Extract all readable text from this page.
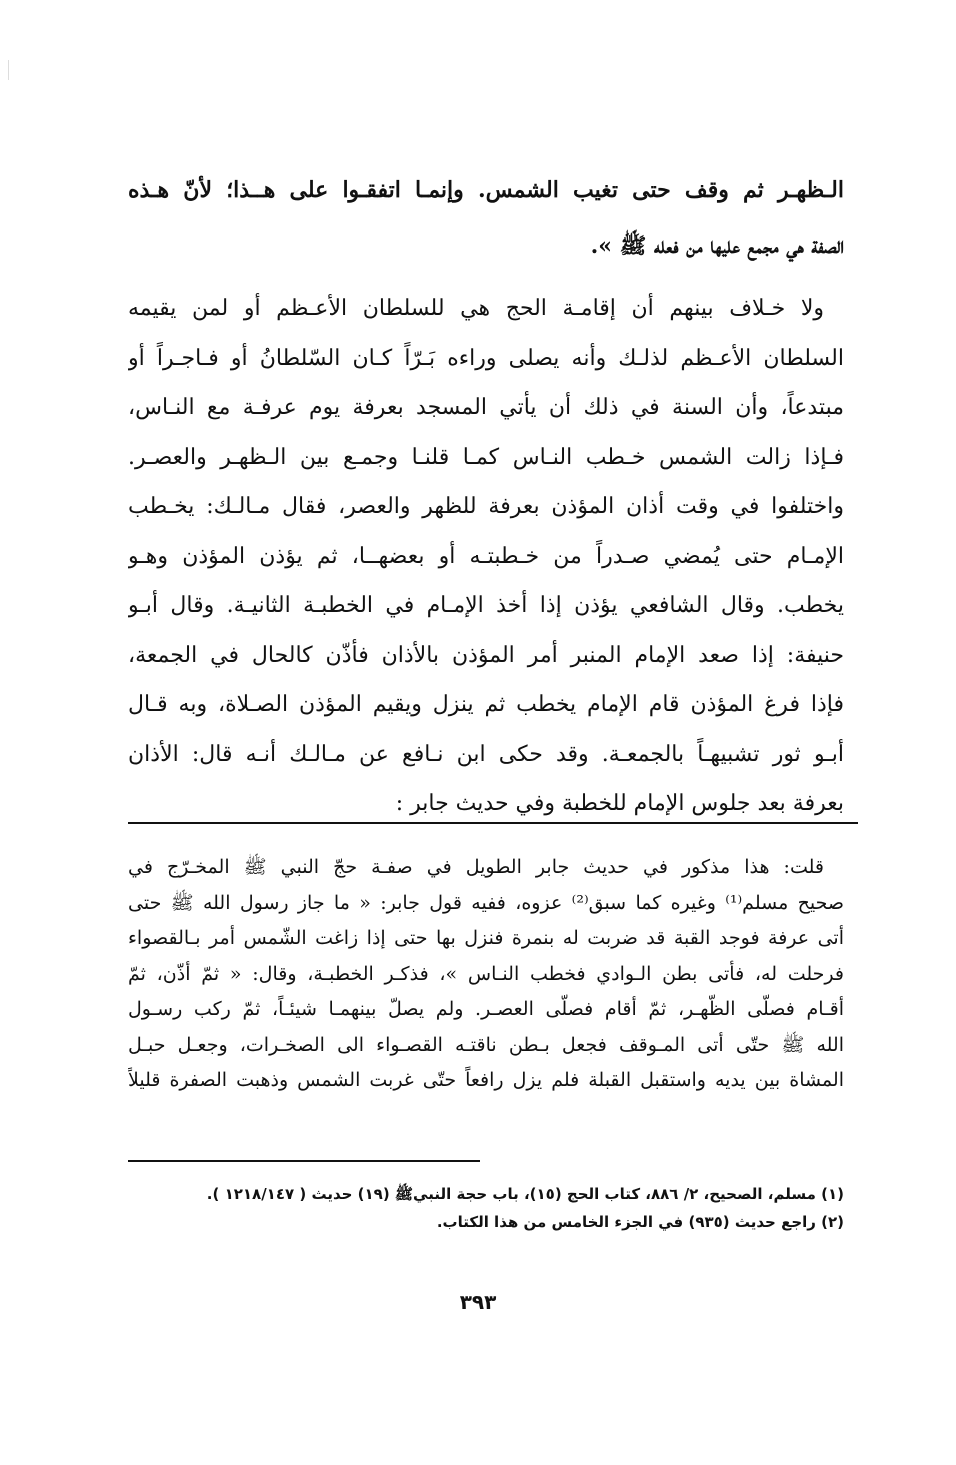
الـظهـر ثم وقف حتى تغيب الشمس. وإنمـا اتفقـوا على هــذا؛ لأنّ هـذه
الصفة هي مجمع عليها من فعله ﷺ ».
ولا خـلاف بينهم أن إقامـة الحج هي للسلطان الأعـظم أو لمن يقيمه
السلطان الأعـظم لذلـك وأنه يصلى وراءه بَـرّاً كـان السّلطانُ أو فـاجـراً أو
مبتدعاً، وأن السنة في ذلك أن يأتي المسجد بعرفة يوم عرفـة مع النـاس،
فـإذا زالت الشمس خـطب النـاس كمـا قلنـا وجمـع بين الـظهـر والعصـر.
واختلفوا في وقت أذان المؤذن بعرفة للظهر والعصر، فقال مـالـك: يخـطب
الإمـام حتى يُمضي صـدراً من خـطبتـه أو بعضهــا، ثم يؤذن المؤذن وهـو
يخطب. وقال الشافعي يؤذن إذا أخذ الإمـام في الخطبـة الثانيـة. وقال أبـو
حنيفة: إذا صعد الإمام المنبر أمر المؤذن بالأذان فأذّن كالحال في الجمعة،
فإذا فرغ المؤذن قام الإمام يخطب ثم ينزل ويقيم المؤذن الصـلاة، وبه قـال
أبـو ثور تشبيهـاً بالجمعـة. وقد حكى ابن نـافع عن مـالـك أنـه قال: الأذان
بعرفة بعد جلوس الإمام للخطبة وفي حديث جابر :
قلت: هذا مذكور في حديث جابر الطويل في صفـة حجّ النبي ﷺ المخـرّج في
صحيح مسلم⁽¹⁾ وغيره كما سبق⁽²⁾ عزوه، ففيه قول جابر: « ما جاز رسول الله ﷺ حتى
أتى عرفة فوجد القبة قد ضربت له بنمرة فنزل بها حتى إذا زاغت الشّمس أمر بـالقصواء
فرحلت له، فأتى بطن الـوادي فخطب النـاس »، فذكـر الخطبـة، وقال: « ثمّ أذّن، ثمّ
أقـام فصلّى الظّهـر، ثمّ أقام فصلّى العصـر. ولم يصلّ بينهمـا شيئـاً، ثمّ ركب رسـول
الله ﷺ حتّى أتى المـوقف فجعل بـطن ناقتـه القصـواء الى الصخـرات، وجعـل حبـل
المشاة بين يديه واستقبل القبلة فلم يزل رافعاً حتّى غربت الشمس وذهبت الصفرة قليلاً
(١) مسلم، الصحيح، ٢/ ٨٨٦، كتاب الحج (١٥)، باب حجة النبيﷺ (١٩) حديث ( ١٢١٨/١٤٧ ).
(٢) راجع حديث (٩٣٥) في الجزء الخامس من هذا الكتاب.
٣٩٣
